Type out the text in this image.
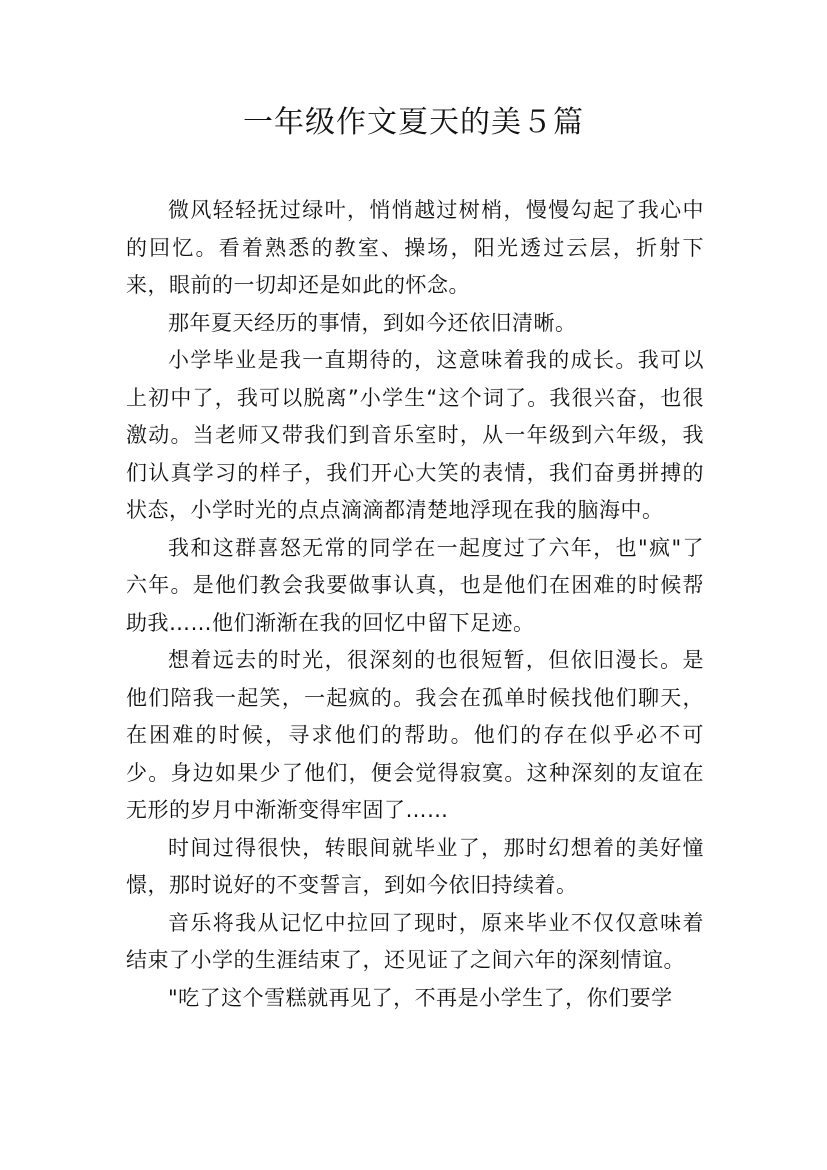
一年级作文夏天的美５篇

微风轻轻抚过绿叶，悄悄越过树梢，慢慢勾起了我心中的回忆。看着熟悉的教室、操场，阳光透过云层，折射下来，眼前的一切却还是如此的怀念。

那年夏天经历的事情，到如今还依旧清晰。

小学毕业是我一直期待的，这意味着我的成长。我可以上初中了，我可以脱离”小学生“这个词了。我很兴奋，也很激动。当老师又带我们到音乐室时，从一年级到六年级，我们认真学习的样子，我们开心大笑的表情，我们奋勇拼搏的状态，小学时光的点点滴滴都清楚地浮现在我的脑海中。

我和这群喜怒无常的同学在一起度过了六年，也"疯"了六年。是他们教会我要做事认真，也是他们在困难的时候帮助我……他们渐渐在我的回忆中留下足迹。

想着远去的时光，很深刻的也很短暂，但依旧漫长。是他们陪我一起笑，一起疯的。我会在孤单时候找他们聊天，在困难的时候，寻求他们的帮助。他们的存在似乎必不可少。身边如果少了他们，便会觉得寂寞。这种深刻的友谊在无形的岁月中渐渐变得牢固了……

时间过得很快，转眼间就毕业了，那时幻想着的美好憧憬，那时说好的不变誓言，到如今依旧持续着。

音乐将我从记忆中拉回了现时，原来毕业不仅仅意味着结束了小学的生涯结束了，还见证了之间六年的深刻情谊。

"吃了这个雪糕就再见了，不再是小学生了，你们要学
